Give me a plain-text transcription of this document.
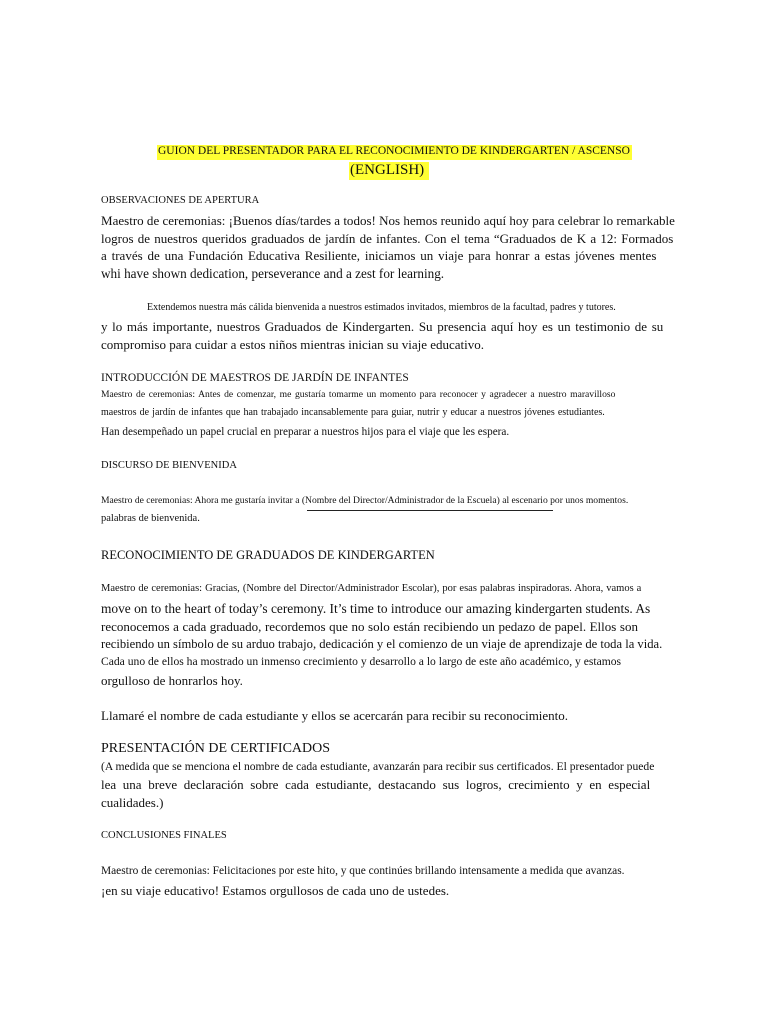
GUION DEL PRESENTADOR PARA EL RECONOCIMIENTO DE KINDERGARTEN / ASCENSO
(ENGLISH)
OBSERVACIONES DE APERTURA
Maestro de ceremonias: ¡Buenos días/tardes a todos! Nos hemos reunido aquí hoy para celebrar lo remarkable
logros de nuestros queridos graduados de jardín de infantes. Con el tema “Graduados de K a 12: Formados
a través de una Fundación Educativa Resiliente, iniciamos un viaje para honrar a estas jóvenes mentes
whi have shown dedication, perseverance and a zest for learning.
Extendemos nuestra más cálida bienvenida a nuestros estimados invitados, miembros de la facultad, padres y tutores.
y lo más importante, nuestros Graduados de Kindergarten. Su presencia aquí hoy es un testimonio de su
compromiso para cuidar a estos niños mientras inician su viaje educativo.
INTRODUCCIÓN DE MAESTROS DE JARDÍN DE INFANTES
Maestro de ceremonias: Antes de comenzar, me gustaría tomarme un momento para reconocer y agradecer a nuestro maravilloso
maestros de jardín de infantes que han trabajado incansablemente para guiar, nutrir y educar a nuestros jóvenes estudiantes.
Han desempeñado un papel crucial en preparar a nuestros hijos para el viaje que les espera.
DISCURSO DE BIENVENIDA
Maestro de ceremonias: Ahora me gustaría invitar a (Nombre del Director/Administrador de la Escuela) al escenario por unos momentos.
palabras de bienvenida.
RECONOCIMIENTO DE GRADUADOS DE KINDERGARTEN
Maestro de ceremonias: Gracias, (Nombre del Director/Administrador Escolar), por esas palabras inspiradoras. Ahora, vamos a
move on to the heart of today’s ceremony. It’s time to introduce our amazing kindergarten students. As
reconocemos a cada graduado, recordemos que no solo están recibiendo un pedazo de papel. Ellos son
recibiendo un símbolo de su arduo trabajo, dedicación y el comienzo de un viaje de aprendizaje de toda la vida.
Cada uno de ellos ha mostrado un inmenso crecimiento y desarrollo a lo largo de este año académico, y estamos
orgulloso de honrarlos hoy.
Llamaré el nombre de cada estudiante y ellos se acercarán para recibir su reconocimiento.
PRESENTACIÓN DE CERTIFICADOS
(A medida que se menciona el nombre de cada estudiante, avanzarán para recibir sus certificados. El presentador puede
lea una breve declaración sobre cada estudiante, destacando sus logros, crecimiento y en especial
cualidades.)
CONCLUSIONES FINALES
Maestro de ceremonias: Felicitaciones por este hito, y que continúes brillando intensamente a medida que avanzas.
¡en su viaje educativo! Estamos orgullosos de cada uno de ustedes.
